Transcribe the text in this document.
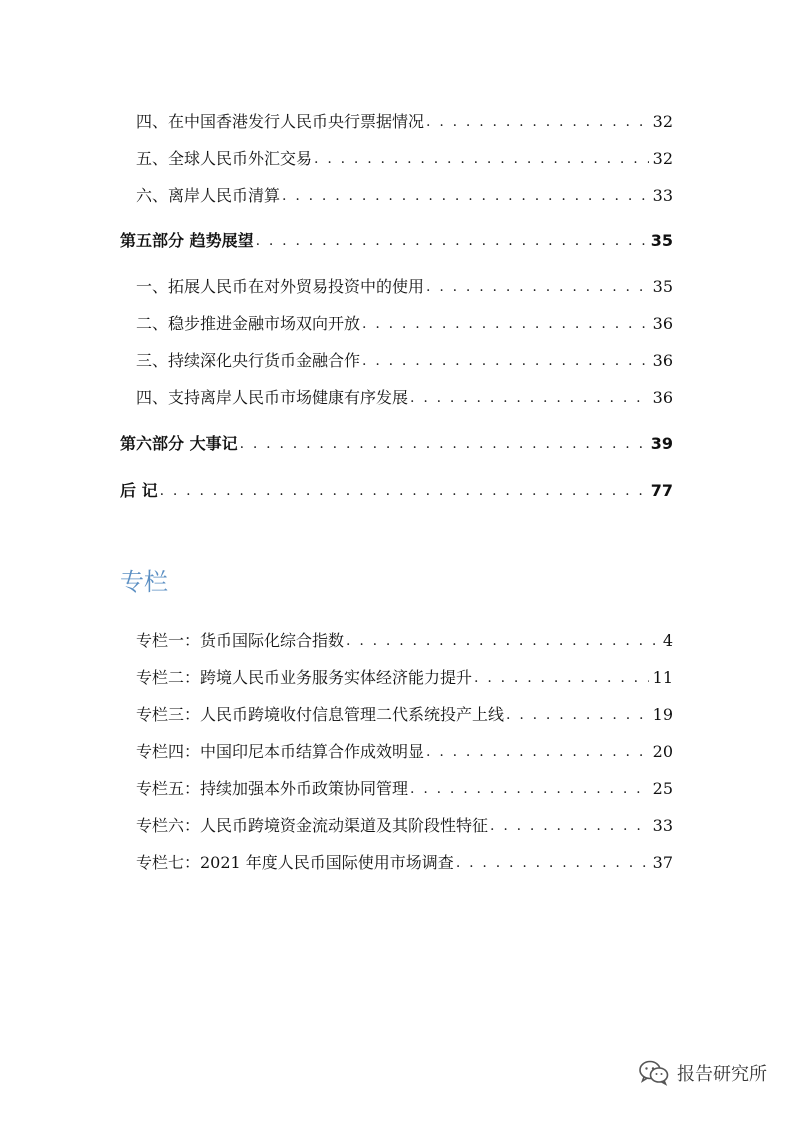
四、在中国香港发行人民币央行票据情况 . . .	32
五、全球人民币外汇交易 . . .	32
六、离岸人民币清算 . . .	33
第五部分 趋势展望 . . .	35
一、拓展人民币在对外贸易投资中的使用 . . .	35
二、稳步推进金融市场双向开放 . . .	36
三、持续深化央行货币金融合作 . . .	36
四、支持离岸人民币市场健康有序发展 . . .	36
第六部分 大事记 . . .	39
后 记 . . .	77
专栏
专栏一：货币国际化综合指数 . . .	4
专栏二：跨境人民币业务服务实体经济能力提升 . . .	11
专栏三：人民币跨境收付信息管理二代系统投产上线 . . .	19
专栏四：中国印尼本币结算合作成效明显 . . .	20
专栏五：持续加强本外币政策协同管理 . . .	25
专栏六：人民币跨境资金流动渠道及其阶段性特征 . . .	33
专栏七：2021 年度人民币国际使用市场调查 . . .	37
报告研究所
